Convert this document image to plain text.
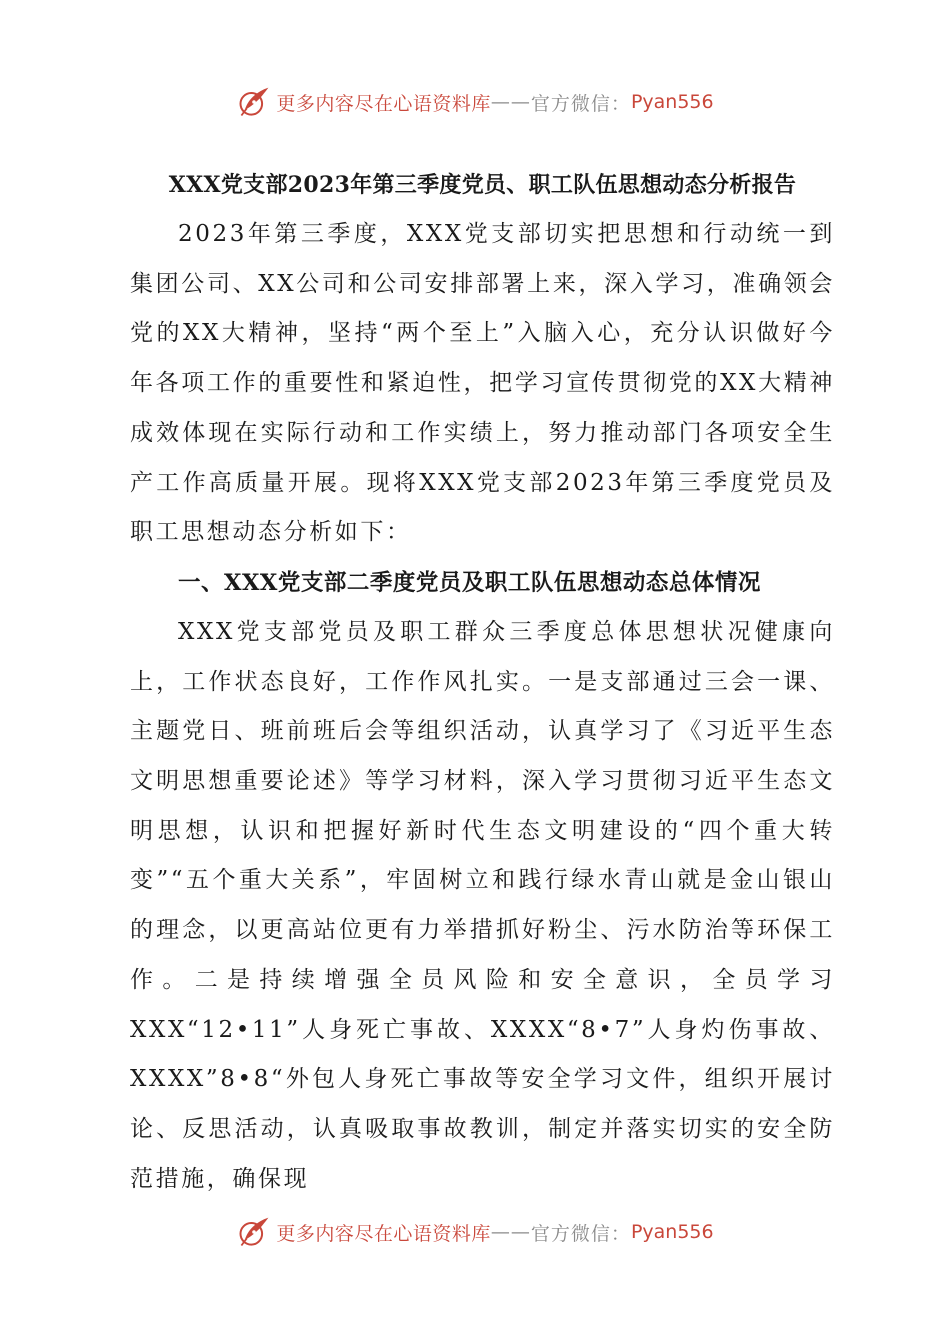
更多内容尽在心语资料库 —— 官方微信： Pyan556
XXX党支部2023年第三季度党员、职工队伍思想动态分析报告

2023年第三季度，XXX党支部切实把思想和行动统一到集团公司、XX公司和公司安排部署上来，深入学习，准确领会党的XX大精神，坚持“两个至上”入脑入心，充分认识做好今年各项工作的重要性和紧迫性，把学习宣传贯彻党的XX大精神成效体现在实际行动和工作实绩上，努力推动部门各项安全生产工作高质量开展。现将XXX党支部2023年第三季度党员及职工思想动态分析如下：

一、XXX党支部二季度党员及职工队伍思想动态总体情况

XXX党支部党员及职工群众三季度总体思想状况健康向上，工作状态良好，工作作风扎实。一是支部通过三会一课、主题党日、班前班后会等组织活动，认真学习了《习近平生态文明思想重要论述》等学习材料，深入学习贯彻习近平生态文明思想，认识和把握好新时代生态文明建设的“四个重大转变”“五个重大关系”，牢固树立和践行绿水青山就是金山银山的理念，以更高站位更有力举措抓好粉尘、污水防治等环保工作。二是持续增强全员风险和安全意识，全员学习XXX“12•11”人身死亡事故、XXXX“8•7”人身灼伤事故、XXXX”8•8“外包人身死亡事故等安全学习文件，组织开展讨论、反思活动，认真吸取事故教训，制定并落实切实的安全防范措施，确保现

更多内容尽在心语资料库 —— 官方微信： Pyan556
